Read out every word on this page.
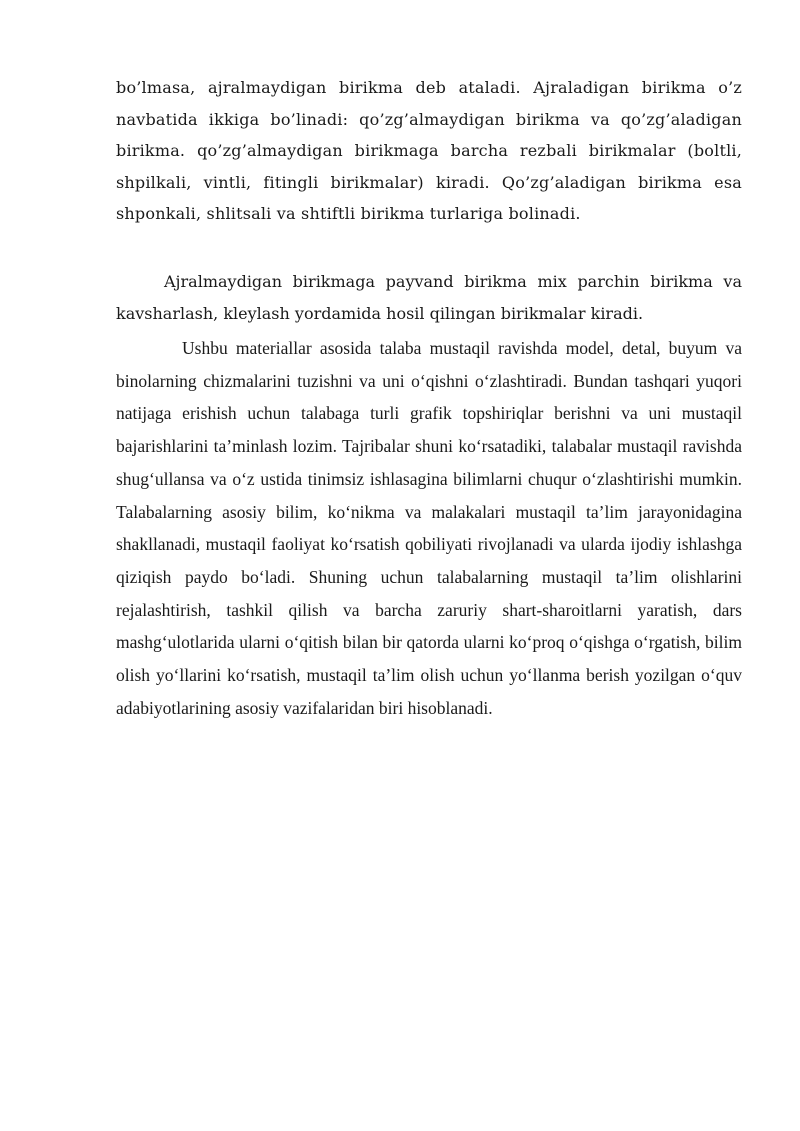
bo’lmasa, ajralmaydigan birikma deb ataladi. Ajraladigan birikma o’z navbatida ikkiga bo’linadi: qo’zg’almaydigan birikma va qo’zg’aladigan birikma. qo’zg’almaydigan birikmaga barcha rezbali birikmalar (boltli, shpilkali, vintli, fitingli birikmalar) kiradi. Qo’zg’aladigan birikma esa shponkali, shlitsali va shtiftli birikma turlariga bolinadi.

Ajralmaydigan birikmaga payvand birikma mix parchin birikma va kavsharlash, kleylash yordamida hosil qilingan birikmalar kiradi.

Ushbu materiallar asosida talaba mustaqil ravishda model, detal, buyum va binolarning chizmalarini tuzishni va uni oʻqishni oʻzlashtiradi. Bundan tashqari yuqori natijaga erishish uchun talabaga turli grafik topshiriqlar berishni va uni mustaqil bajarishlarini taʼminlash lozim. Tajribalar shuni koʻrsatadiki, talabalar mustaqil ravishda shugʻullansa va oʻz ustida tinimsiz ishlasagina bilimlarni chuqur oʻzlashtirishi mumkin. Talabalarning asosiy bilim, koʻnikma va malakalari mustaqil taʼlim jarayonidagina shakllanadi, mustaqil faoliyat koʻrsatish qobiliyati rivojlanadi va ularda ijodiy ishlashga qiziqish paydo boʻladi. Shuning uchun talabalarning mustaqil taʼlim olishlarini rejalashtirish, tashkil qilish va barcha zaruriy shart-sharoitlarni yaratish, dars mashgʻulotlarida ularni oʻqitish bilan bir qatorda ularni koʻproq oʻqishga oʻrgatish, bilim olish yoʻllarini koʻrsatish, mustaqil taʼlim olish uchun yoʻllanma berish yozilgan oʻquv adabiyotlarining asosiy vazifalaridan biri hisoblanadi.
